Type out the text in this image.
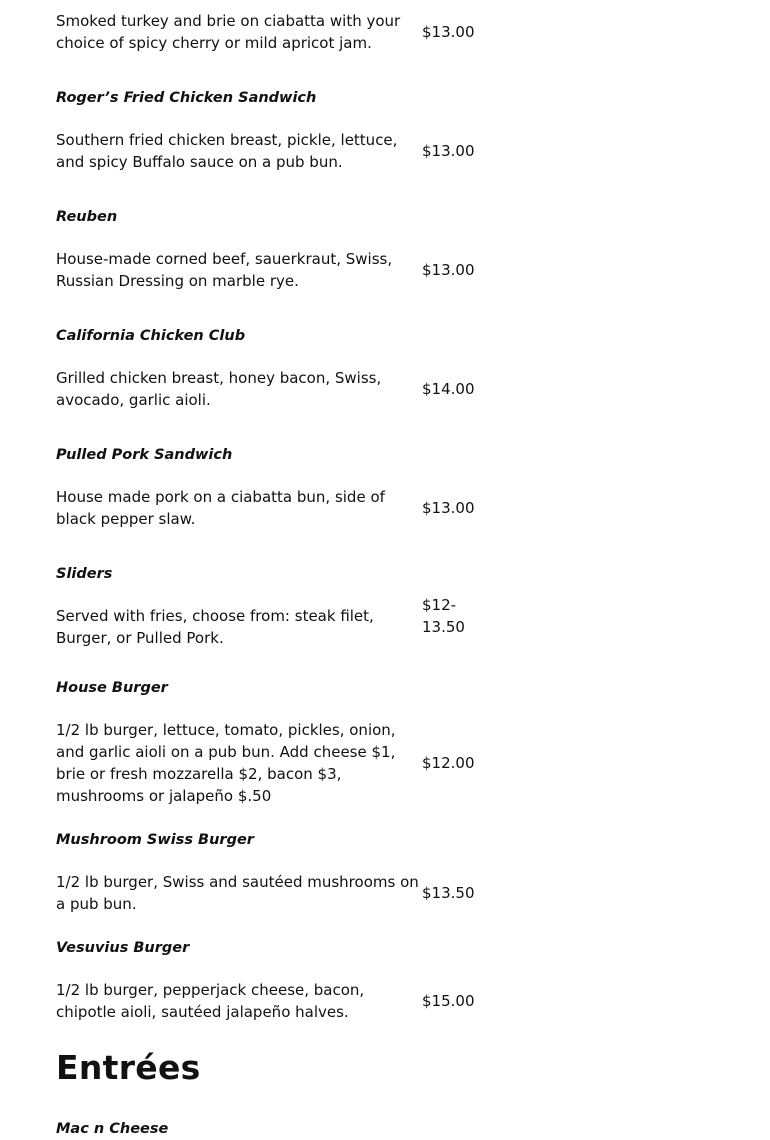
Smoked turkey and brie on ciabatta with your choice of spicy cherry or mild apricot jam.
$13.00
Roger’s Fried Chicken Sandwich
Southern fried chicken breast, pickle, lettuce, and spicy Buffalo sauce on a pub bun.
$13.00
Reuben
House-made corned beef, sauerkraut, Swiss, Russian Dressing on marble rye.
$13.00
California Chicken Club
Grilled chicken breast, honey bacon, Swiss, avocado, garlic aioli.
$14.00
Pulled Pork Sandwich
House made pork on a ciabatta bun, side of black pepper slaw.
$13.00
Sliders
Served with fries, choose from: steak filet, Burger, or Pulled Pork.
$12-13.50
House Burger
1/2 lb burger, lettuce, tomato, pickles, onion, and garlic aioli on a pub bun. Add cheese $1, brie or fresh mozzarella $2, bacon $3, mushrooms or jalapeño $.50
$12.00
Mushroom Swiss Burger
1/2 lb burger, Swiss and sautéed mushrooms on a pub bun.
$13.50
Vesuvius Burger
1/2 lb burger, pepperjack cheese, bacon, chipotle aioli, sautéed jalapeño halves.
$15.00
Entrées
Mac n Cheese
